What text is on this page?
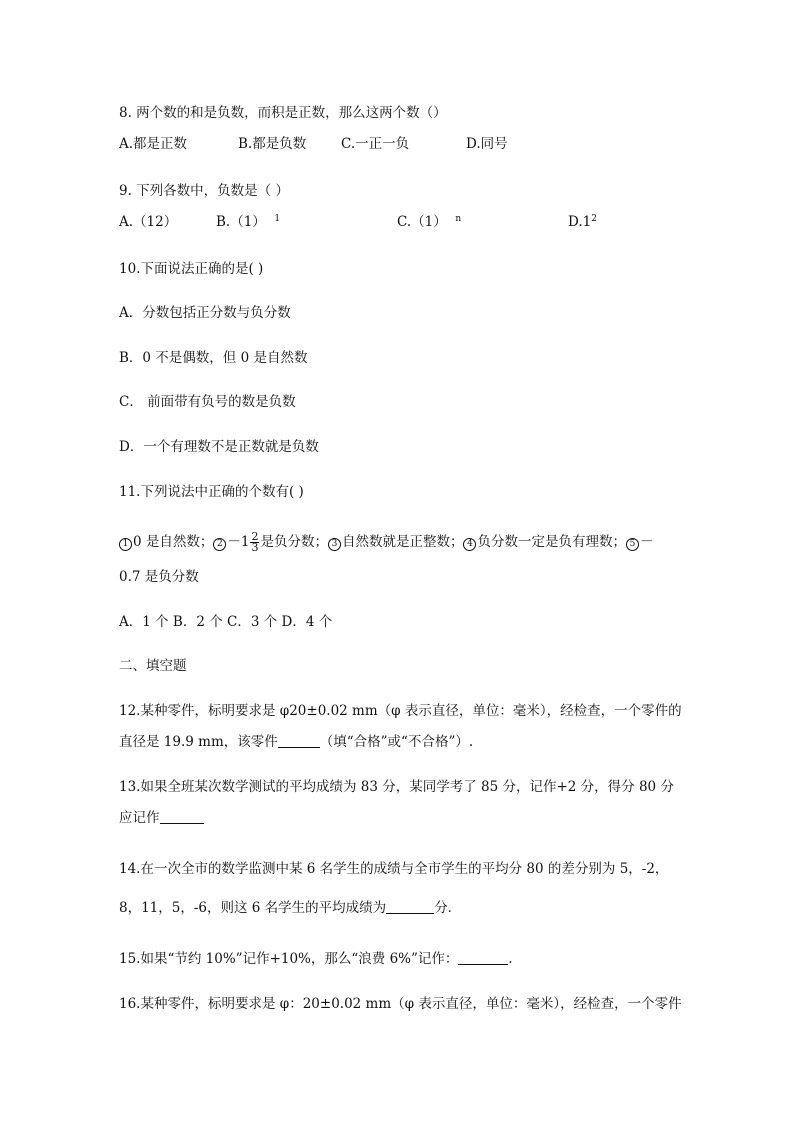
8. 两个数的和是负数，而积是正数，那么这两个数（）
A.都是正数	B.都是负数	C.一正一负	D.同号
9. 下列各数中，负数是（ ）
A.（12）	B.（1） $^1$	C.（1） $^n$	$D.1^2$
10.下面说法正确的是( )
A．分数包括正分数与负分数
B．0 不是偶数，但 0 是自然数
C． 前面带有负号的数是负数
D．一个有理数不是正数就是负数
11.下列说法中正确的个数有( )
1 0 是自然数； $2 -1 \frac{2}{3}$ 是负分数； 3 自然数就是正整数； 4 负分数一定是负有理数； 5 －
0.7 是负分数
A．1 个 B．2 个 C．3 个 D．4 个
二、填空题
12.某种零件，标明要求是 φ20±0.02 mm（φ 表示直径，单位：毫米），经检查，一个零件的
直径是 19.9 mm，该零件	（填“合格”或“不合格”）.
13.如果全班某次数学测试的平均成绩为 83 分，某同学考了 85 分，记作+2 分，得分 80 分
应记作
14.在一次全市的数学监测中某 6 名学生的成绩与全市学生的平均分 80 的差分别为 5，-2，
8，11，5，-6，则这 6 名学生的平均成绩为	分．
15.如果“节约 10%”记作+10%，那么“浪费 6%”记作：	．
16.某种零件，标明要求是 φ：20±0.02 mm（φ 表示直径，单位：毫米），经检查，一个零件
